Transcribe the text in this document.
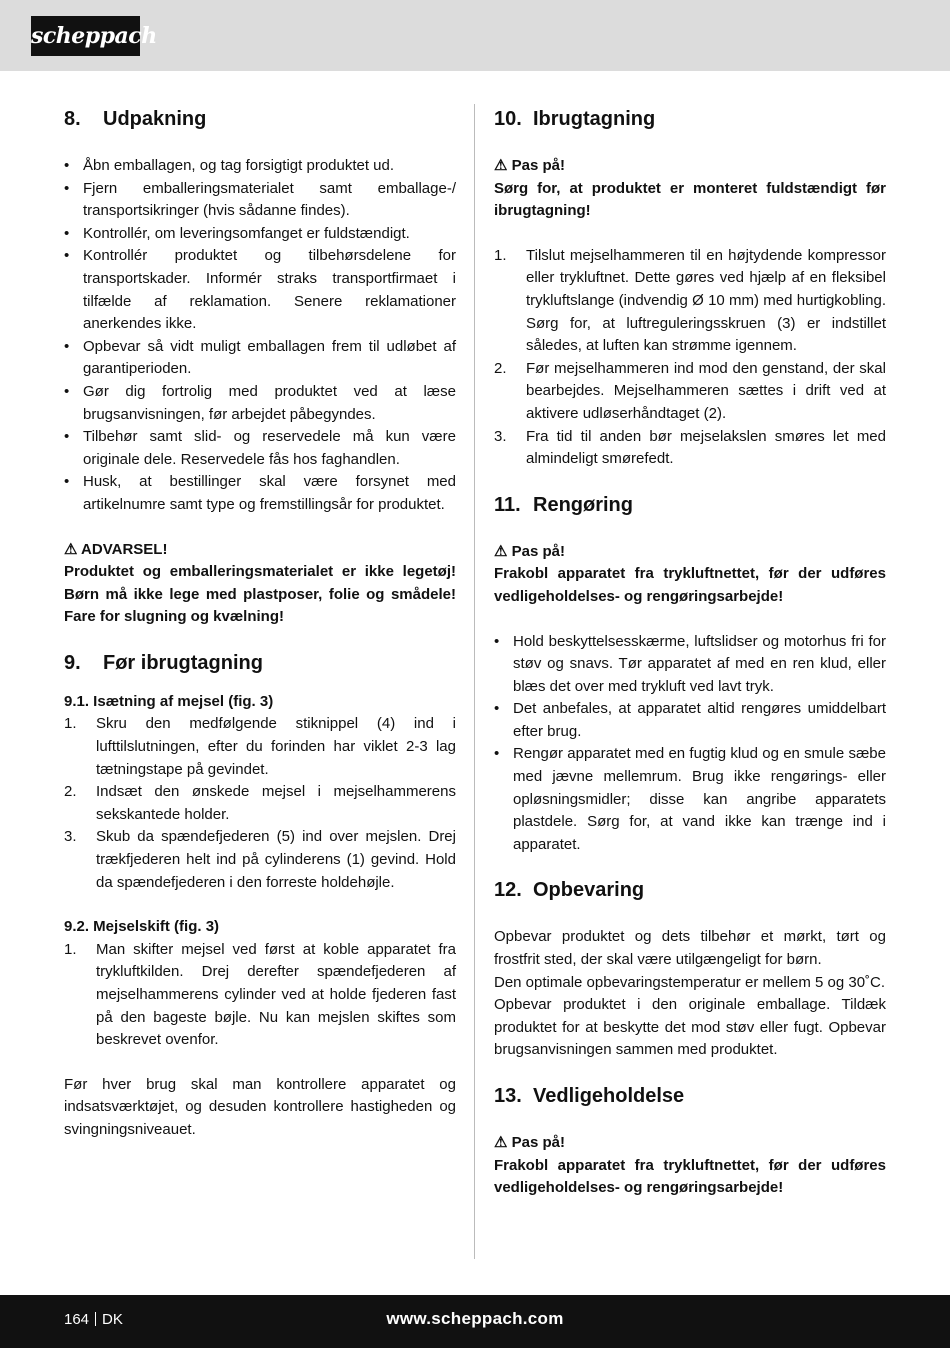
scheppach
8.	Udpakning
• Åbn emballagen, og tag forsigtigt produktet ud.
• Fjern emballeringsmaterialet samt emballage-/ transportsikringer (hvis sådanne findes).
• Kontrollér, om leveringsomfanget er fuldstændigt.
• Kontrollér produktet og tilbehørsdelene for transportskader. Informér straks transportfirmaet i tilfælde af reklamation. Senere reklamationer anerkendes ikke.
• Opbevar så vidt muligt emballagen frem til udløbet af garantiperioden.
• Gør dig fortrolig med produktet ved at læse brugsanvisningen, før arbejdet påbegyndes.
• Tilbehør samt slid- og reservedele må kun være originale dele. Reservedele fås hos faghandlen.
• Husk, at bestillinger skal være forsynet med artikelnumre samt type og fremstillingsår for produktet.

⚠ ADVARSEL!

Produktet og emballeringsmaterialet er ikke legetøj! Børn må ikke lege med plastposer, folie og smådele! Fare for slugning og kvælning!

9.	Før ibrugtagning

9.1. Isætning af mejsel (fig. 3)

1. Skru den medfølgende stiknippel (4) ind i lufttilslutningen, efter du forinden har viklet 2-3 lag tætningstape på gevindet.
2. Indsæt den ønskede mejsel i mejselhammerens sekskantede holder.
3. Skub da spændefjederen (5) ind over mejslen. Drej trækfjederen helt ind på cylinderens (1) gevind. Hold da spændefjederen i den forreste holdehøjle.

9.2. Mejselskift (fig. 3)

1. Man skifter mejsel ved først at koble apparatet fra trykluftkilden. Drej derefter spændefjederen af mejselhammerens cylinder ved at holde fjederen fast på den bageste bøjle. Nu kan mejslen skiftes som beskrevet ovenfor.

Før hver brug skal man kontrollere apparatet og indsatsværktøjet, og desuden kontrollere hastigheden og svingningsniveauet.

10. Ibrugtagning

⚠ Pas på!

Sørg for, at produktet er monteret fuldstændigt før ibrugtagning!

1. Tilslut mejselhammeren til en højtydende kompressor eller trykluftnet. Dette gøres ved hjælp af en fleksibel trykluftslange (indvendig Ø 10 mm) med hurtigkobling. Sørg for, at luftreguleringsskruen (3) er indstillet således, at luften kan strømme igennem.
2. Før mejselhammeren ind mod den genstand, der skal bearbejdes. Mejselhammeren sættes i drift ved at aktivere udløserhåndtaget (2).
3. Fra tid til anden bør mejselakslen smøres let med almindeligt smørefedt.
11. Rengøring

⚠ Pas på!

Frakobl apparatet fra trykluftnettet, før der udføres vedligeholdelses- og rengøringsarbejde!

• Hold beskyttelsesskærme, luftslidser og motorhus fri for støv og snavs. Tør apparatet af med en ren klud, eller blæs det over med trykluft ved lavt tryk.
• Det anbefales, at apparatet altid rengøres umiddelbart efter brug.
• Rengør apparatet med en fugtig klud og en smule sæbe med jævne mellemrum. Brug ikke rengørings- eller opløsningsmidler; disse kan angribe apparatets plastdele. Sørg for, at vand ikke kan trænge ind i apparatet.
12. Opbevaring

Opbevar produktet og dets tilbehør et mørkt, tørt og frostfrit sted, der skal være utilgængeligt for børn.

Den optimale opbevaringstemperatur er mellem 5 og 30˚C.

Opbevar produktet i den originale emballage. Tildæk produktet for at beskytte det mod støv eller fugt. Opbevar brugsanvisningen sammen med produktet.

13. Vedligeholdelse

⚠ Pas på!

Frakobl apparatet fra trykluftnettet, før der udføres vedligeholdelses- og rengøringsarbejde!

164 DK	www.scheppach.com
